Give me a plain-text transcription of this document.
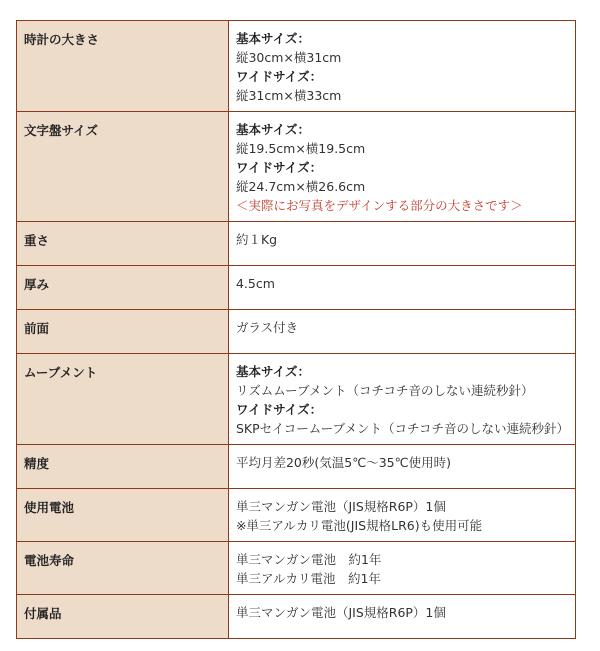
時計の大きさ	基本サイズ：
縦30cm×横31cm
ワイドサイズ：
縦31cm×横33cm

文字盤サイズ	基本サイズ：
縦19.5cm×横19.5cm
ワイドサイズ：
縦24.7cm×横26.6cm
＜実際にお写真をデザインする部分の大きさです＞

重さ	約１Kg

厚み	4.5cm

前面	ガラス付き

ムーブメント	基本サイズ：
リズムムーブメント（コチコチ音のしない連続秒針）
ワイドサイズ：
SKPセイコームーブメント（コチコチ音のしない連続秒針）

精度	平均月差20秒(気温5℃～35℃使用時)

使用電池	単三マンガン電池（JIS規格R6P）1個
※単三アルカリ電池(JIS規格LR6)も使用可能

電池寿命	単三マンガン電池　約1年
単三アルカリ電池　約1年

付属品	単三マンガン電池（JIS規格R6P）1個
